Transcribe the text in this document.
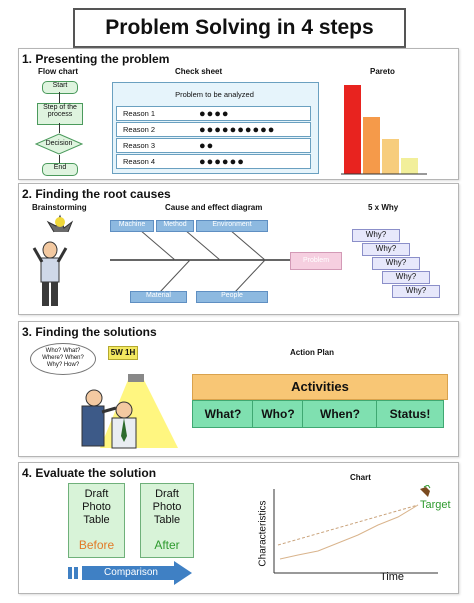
Problem Solving in 4 steps
1. Presenting the problem
Flow chart
Start
Step of the process
Decision
End
Check sheet
Problem to be analyzed
Reason 1	●●●●
Reason 2	●●●●●●●●●●
Reason 3	●●
Reason 4	●●●●●●
Pareto
2. Finding the root causes
Brainstorming	Cause and effect diagram
Machine	Method	Environment
Material	People
Problem
5 x Why
Why?
Why?
Why?
Why?
Why?
3. Finding the solutions
Who? What? Where? When? Why? How?
5W 1H	Action Plan
Activities
What?	Who?	When?	Status!
4. Evaluate the solution
Draft
Photo
Table
Before
Draft
Photo
Table
After
Comparison
Chart
Characteristics
Time
Target
